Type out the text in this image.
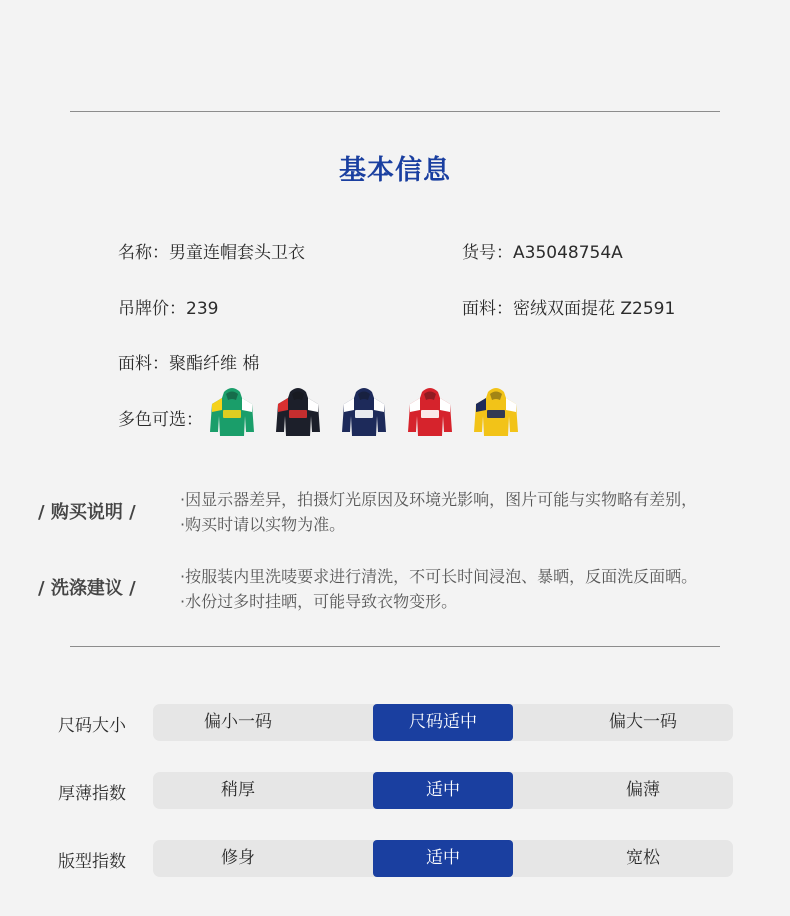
基本信息
名称：男童连帽套头卫衣	货号：A35048754A
吊牌价：239	面料：密绒双面提花 Z2591
面料：聚酯纤维 棉
多色可选：
/ 购买说明 /
·因显示器差异，拍摄灯光原因及环境光影响，图片可能与实物略有差别，
·购买时请以实物为准。
/ 洗涤建议 /
·按服装内里洗唛要求进行清洗，不可长时间浸泡、暴晒，反面洗反面晒。
·水份过多时挂晒，可能导致衣物变形。
尺码大小	偏小一码	尺码适中	偏大一码
厚薄指数	稍厚	适中	偏薄
版型指数	修身	适中	宽松
